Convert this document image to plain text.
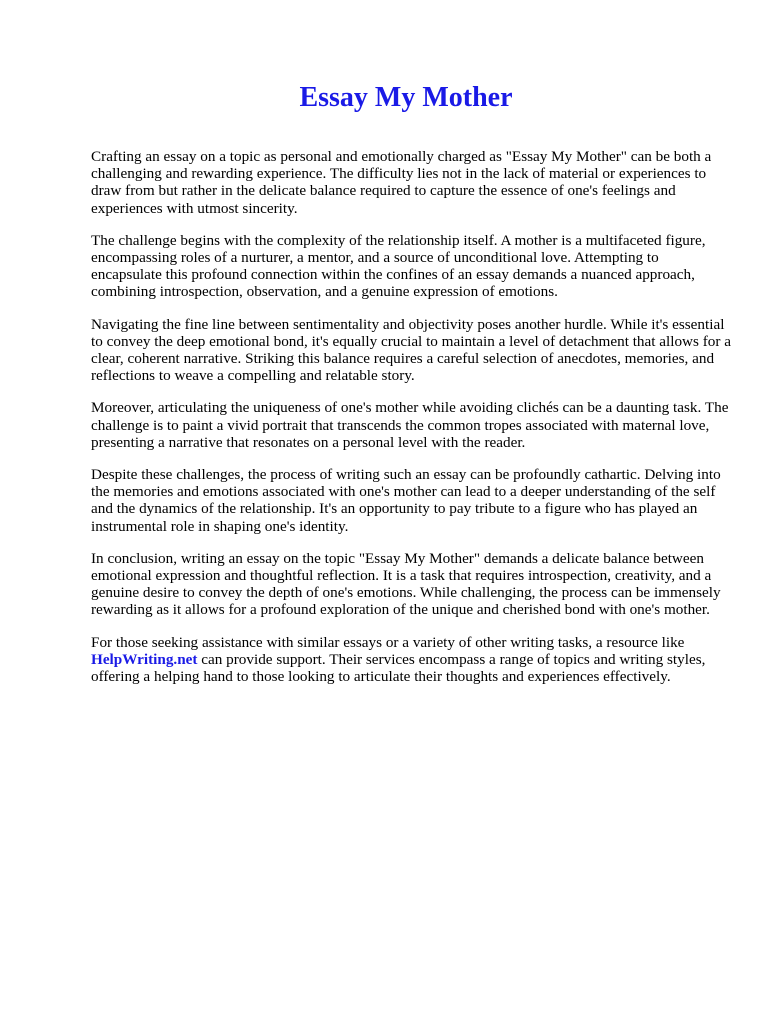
Essay My Mother

Crafting an essay on a topic as personal and emotionally charged as "Essay My Mother" can be both a challenging and rewarding experience. The difficulty lies not in the lack of material or experiences to draw from but rather in the delicate balance required to capture the essence of one's feelings and experiences with utmost sincerity.

The challenge begins with the complexity of the relationship itself. A mother is a multifaceted figure, encompassing roles of a nurturer, a mentor, and a source of unconditional love. Attempting to encapsulate this profound connection within the confines of an essay demands a nuanced approach, combining introspection, observation, and a genuine expression of emotions.

Navigating the fine line between sentimentality and objectivity poses another hurdle. While it's essential to convey the deep emotional bond, it's equally crucial to maintain a level of detachment that allows for a clear, coherent narrative. Striking this balance requires a careful selection of anecdotes, memories, and reflections to weave a compelling and relatable story.

Moreover, articulating the uniqueness of one's mother while avoiding clichés can be a daunting task. The challenge is to paint a vivid portrait that transcends the common tropes associated with maternal love, presenting a narrative that resonates on a personal level with the reader.

Despite these challenges, the process of writing such an essay can be profoundly cathartic. Delving into the memories and emotions associated with one's mother can lead to a deeper understanding of the self and the dynamics of the relationship. It's an opportunity to pay tribute to a figure who has played an instrumental role in shaping one's identity.

In conclusion, writing an essay on the topic "Essay My Mother" demands a delicate balance between emotional expression and thoughtful reflection. It is a task that requires introspection, creativity, and a genuine desire to convey the depth of one's emotions. While challenging, the process can be immensely rewarding as it allows for a profound exploration of the unique and cherished bond with one's mother.

For those seeking assistance with similar essays or a variety of other writing tasks, a resource like HelpWriting.net can provide support. Their services encompass a range of topics and writing styles, offering a helping hand to those looking to articulate their thoughts and experiences effectively.
